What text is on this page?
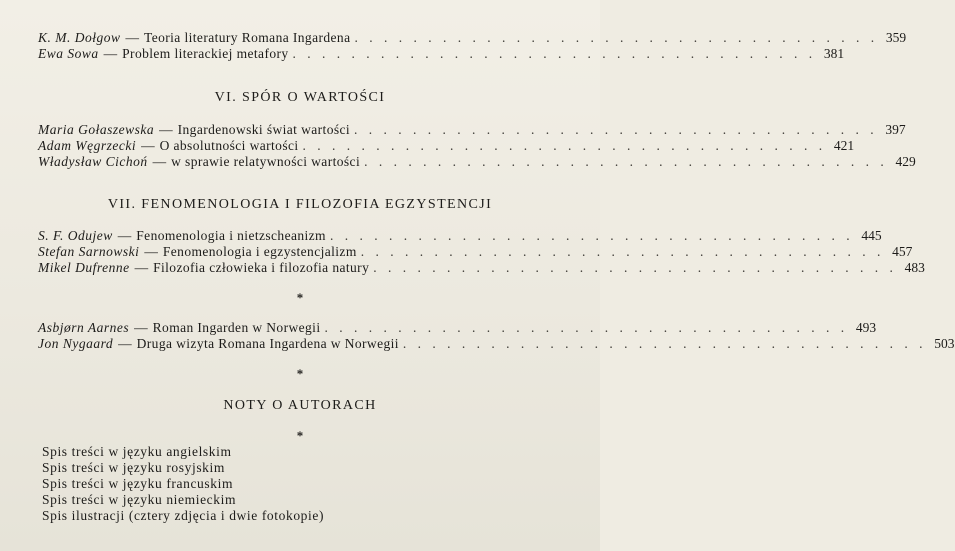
K. M. Dołgow — Teoria literatury Romana Ingardena . . . . . . . . . . . . . . . . . . . . . . . . . . . . . . . . . . . . 359
Ewa Sowa — Problem literackiej metafory . . . . . . . . . . . . . . . . . . . . . . . . . . . . . . . . . . . . 381
VI. SPÓR O WARTOŚCI
Maria Gołaszewska — Ingardenowski świat wartości . . . . . . . . . . . . . . . . . . . . . . . . . . . . . . . . . . . . 397
Adam Węgrzecki — O absolutności wartości . . . . . . . . . . . . . . . . . . . . . . . . . . . . . . . . . . . . 421
Władysław Cichoń — w sprawie relatywności wartości . . . . . . . . . . . . . . . . . . . . . . . . . . . . . . . . . . . . 429
VII. FENOMENOLOGIA I FILOZOFIA EGZYSTENCJI
S. F. Odujew — Fenomenologia i nietzscheanizm . . . . . . . . . . . . . . . . . . . . . . . . . . . . . . . . . . . . 445
Stefan Sarnowski — Fenomenologia i egzystencjalizm . . . . . . . . . . . . . . . . . . . . . . . . . . . . . . . . . . . . 457
Mikel Dufrenne — Filozofia człowieka i filozofia natury . . . . . . . . . . . . . . . . . . . . . . . . . . . . . . . . . . . . 483
*
Asbjørn Aarnes — Roman Ingarden w Norwegii . . . . . . . . . . . . . . . . . . . . . . . . . . . . . . . . . . . . 493
Jon Nygaard — Druga wizyta Romana Ingardena w Norwegii . . . . . . . . . . . . . . . . . . . . . . . . . . . . . . . . . . . . 503
*
NOTY O AUTORACH
*
Spis treści w języku angielskim
Spis treści w języku rosyjskim
Spis treści w języku francuskim
Spis treści w języku niemieckim
Spis ilustracji (cztery zdjęcia i dwie fotokopie)
